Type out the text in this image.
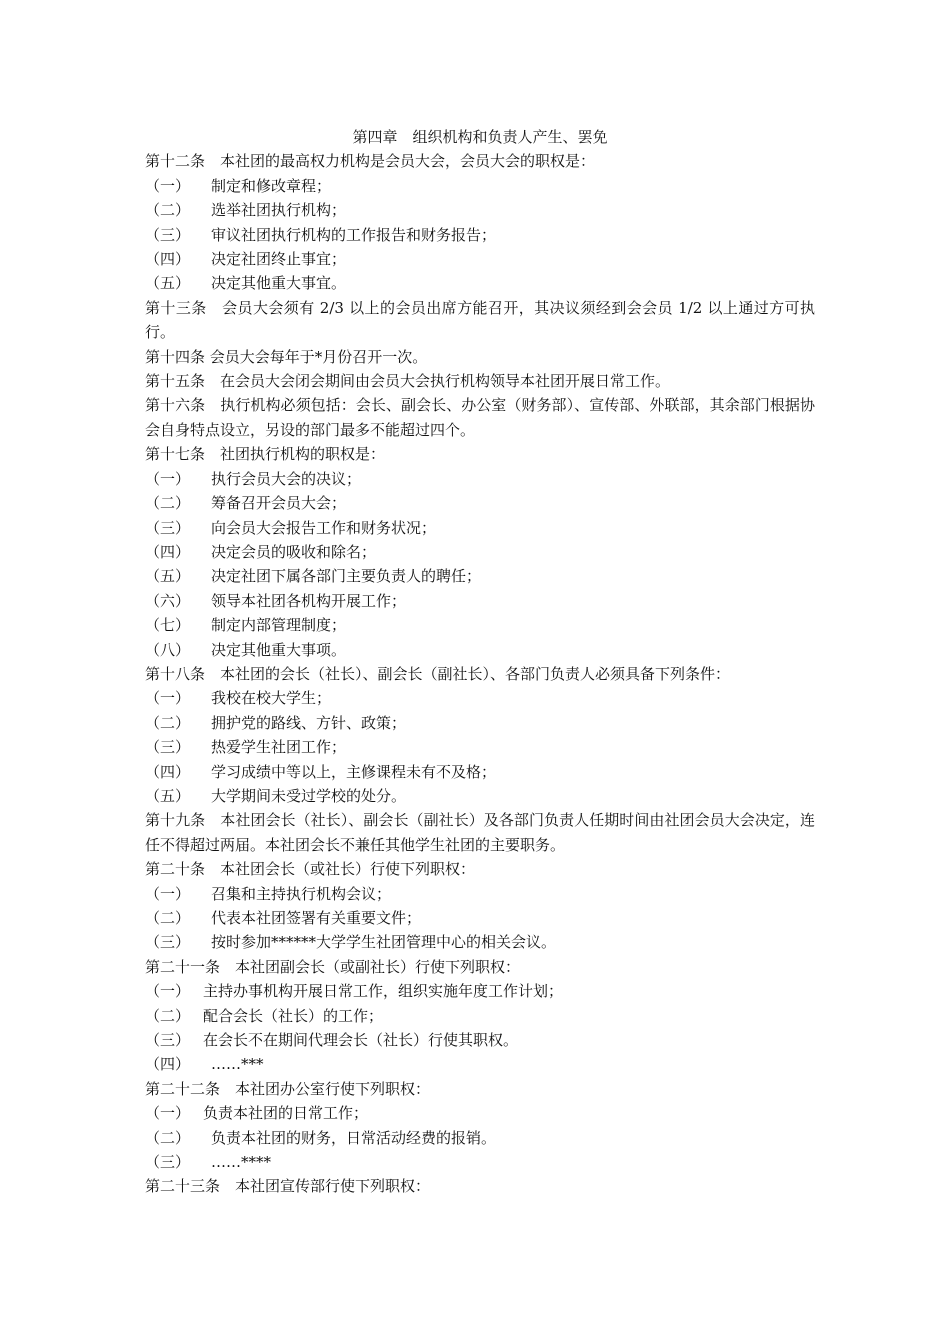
第四章　组织机构和负责人产生、罢免
第十二条　本社团的最高权力机构是会员大会，会员大会的职权是：
（一） 制定和修改章程；
（二） 选举社团执行机构；
（三） 审议社团执行机构的工作报告和财务报告；
（四） 决定社团终止事宜；
（五） 决定其他重大事宜。
第十三条　会员大会须有 2/3 以上的会员出席方能召开，其决议须经到会会员 1/2 以上通过方可执行。
第十四条 会员大会每年于*月份召开一次。
第十五条　在会员大会闭会期间由会员大会执行机构领导本社团开展日常工作。
第十六条　执行机构必须包括：会长、副会长、办公室（财务部）、宣传部、外联部，其余部门根据协会自身特点设立，另设的部门最多不能超过四个。
第十七条　社团执行机构的职权是：
（一） 执行会员大会的决议；
（二） 筹备召开会员大会；
（三） 向会员大会报告工作和财务状况；
（四） 决定会员的吸收和除名；
（五） 决定社团下属各部门主要负责人的聘任；
（六） 领导本社团各机构开展工作；
（七） 制定内部管理制度；
（八） 决定其他重大事项。
第十八条　本社团的会长（社长）、副会长（副社长）、各部门负责人必须具备下列条件：
（一） 我校在校大学生；
（二） 拥护党的路线、方针、政策；
（三） 热爱学生社团工作；
（四） 学习成绩中等以上，主修课程未有不及格；
（五） 大学期间未受过学校的处分。
第十九条　本社团会长（社长）、副会长（副社长）及各部门负责人任期时间由社团会员大会决定，连任不得超过两届。本社团会长不兼任其他学生社团的主要职务。
第二十条　本社团会长（或社长）行使下列职权：
（一） 召集和主持执行机构会议；
（二） 代表本社团签署有关重要文件；
（三） 按时参加******大学学生社团管理中心的相关会议。
第二十一条　本社团副会长（或副社长）行使下列职权：
（一） 主持办事机构开展日常工作，组织实施年度工作计划；
（二） 配合会长（社长）的工作；
（三） 在会长不在期间代理会长（社长）行使其职权。
（四） ……***
第二十二条　本社团办公室行使下列职权：
（一） 负责本社团的日常工作；
（二） 负责本社团的财务，日常活动经费的报销。
（三） ……****
第二十三条　本社团宣传部行使下列职权：
